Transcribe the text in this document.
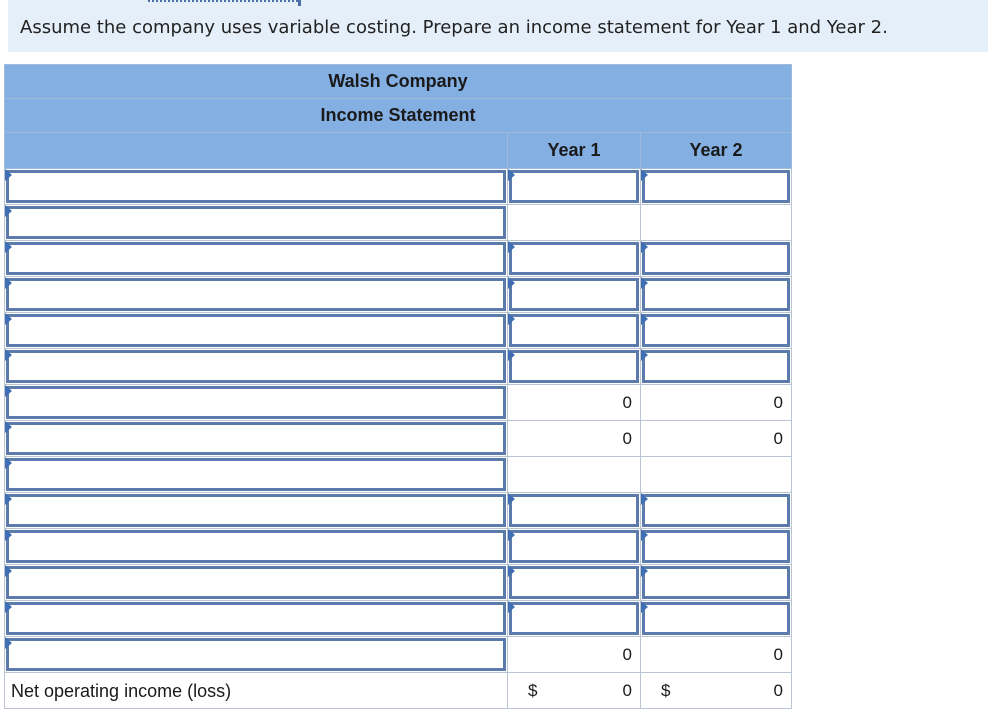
Assume the company uses variable costing. Prepare an income statement for Year 1 and Year 2.
Walsh Company		
Income Statement		
	Year 1	Year 2

	0	0

	0	0

	0	0

Net operating income (loss)	$ 0	$ 0
